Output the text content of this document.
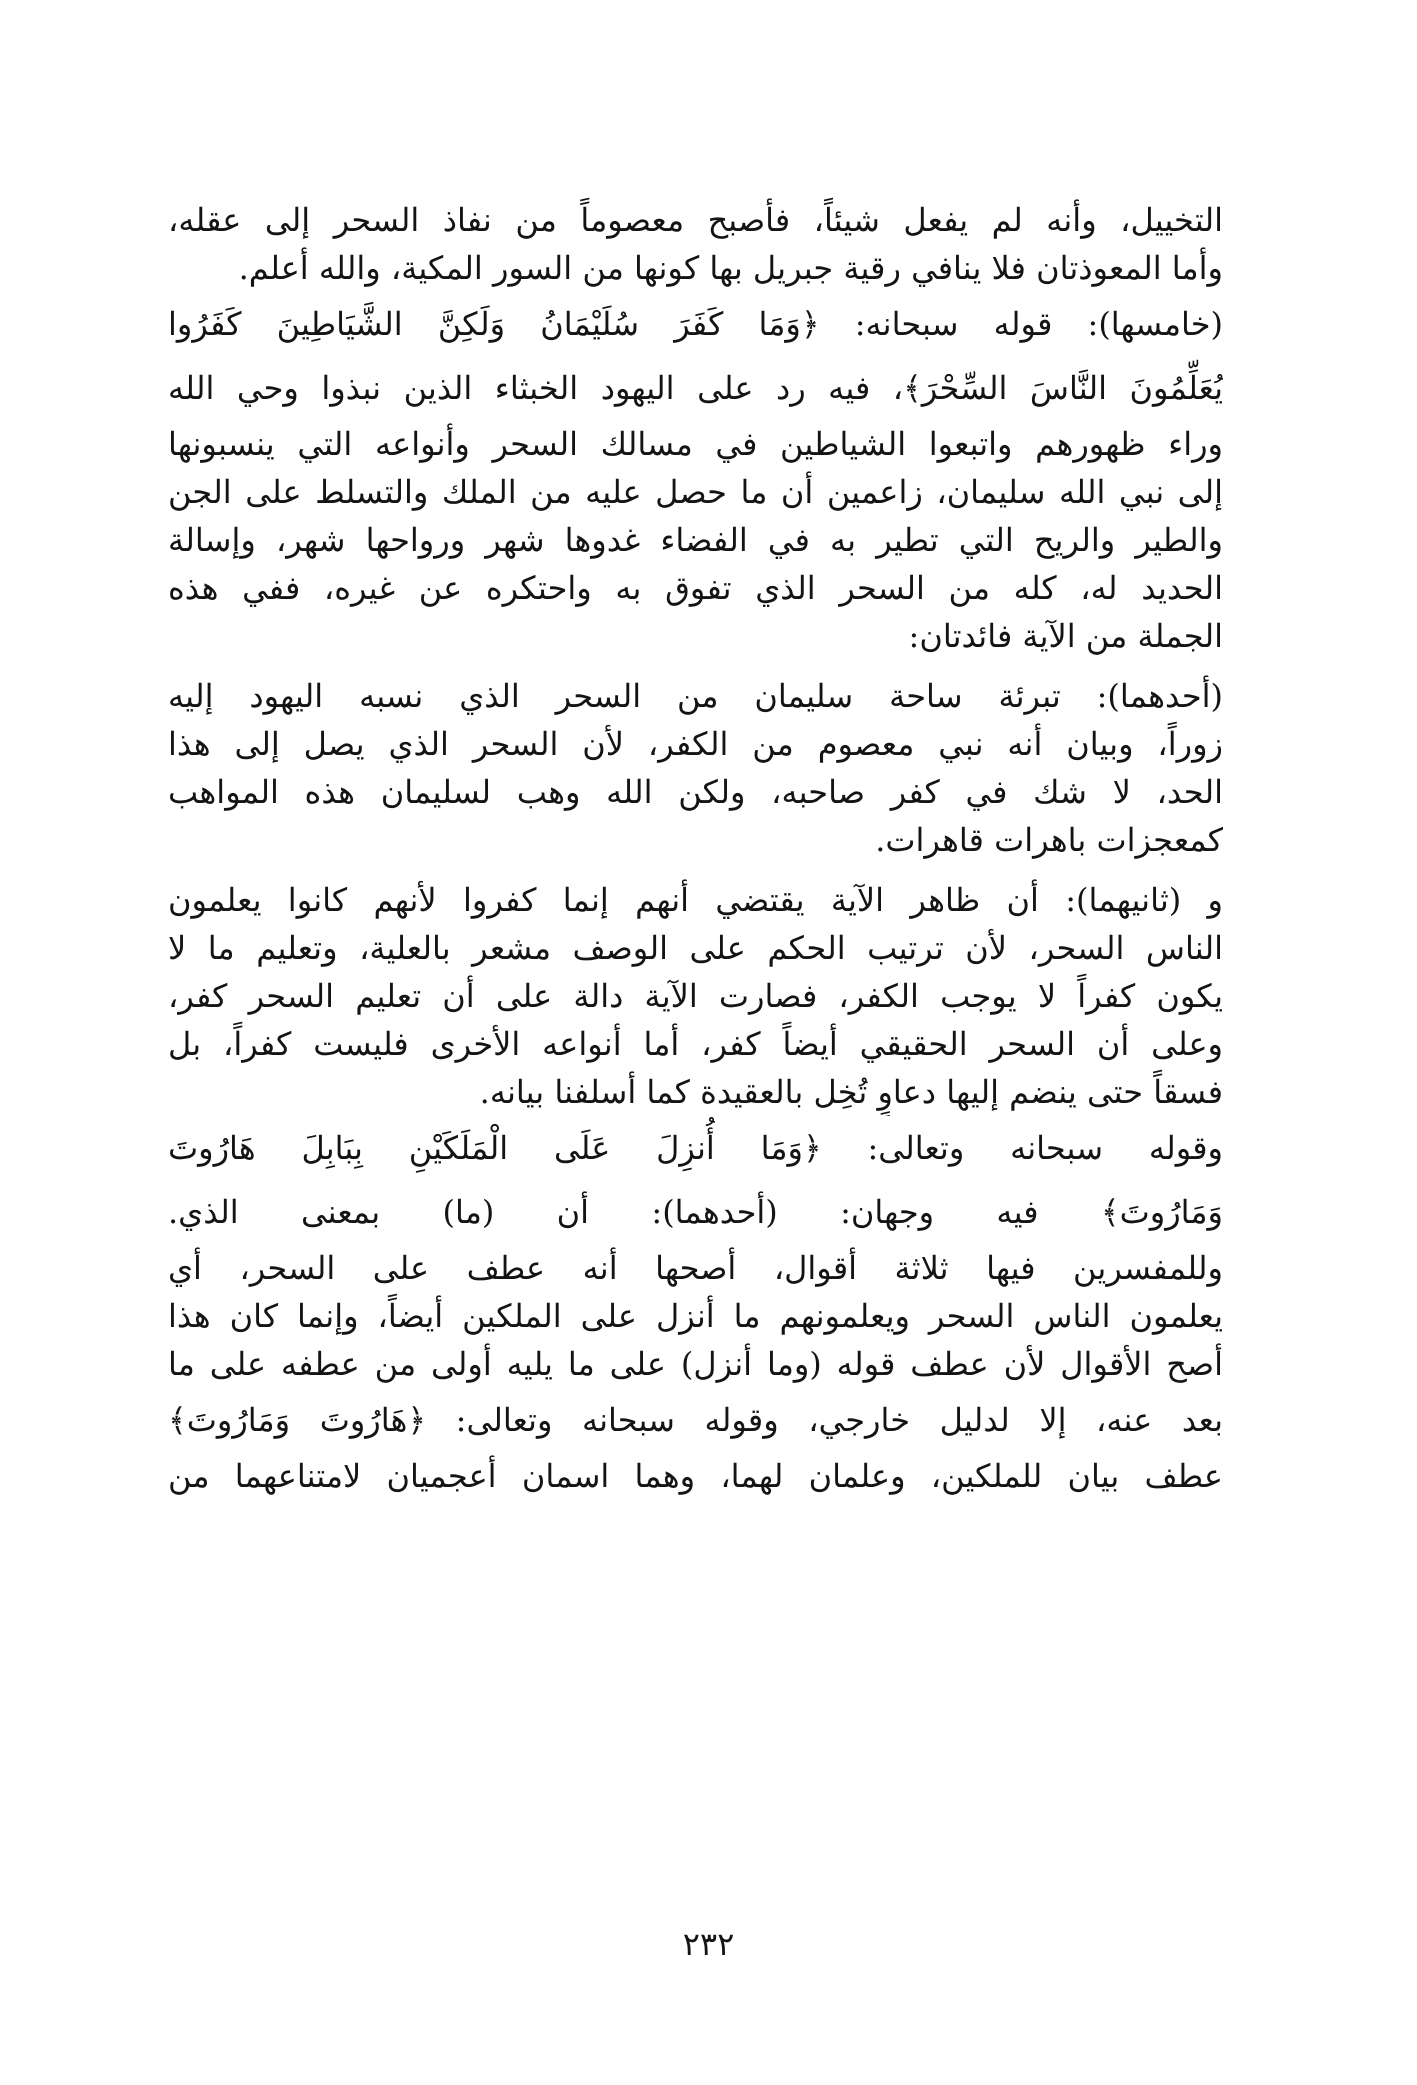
التخييل، وأنه لم يفعل شيئاً، فأصبح معصوماً من نفاذ السحر إلى عقله،
وأما المعوذتان فلا ينافي رقية جبريل بها كونها من السور المكية، والله أعلم.
(خامسها): قوله سبحانه: ﴿وَمَا كَفَرَ سُلَيْمَانُ وَلَكِنَّ الشَّيَاطِينَ كَفَرُوا
يُعَلِّمُونَ النَّاسَ السِّحْرَ﴾، فيه رد على اليهود الخبثاء الذين نبذوا وحي الله
وراء ظهورهم واتبعوا الشياطين في مسالك السحر وأنواعه التي ينسبونها
إلى نبي الله سليمان، زاعمين أن ما حصل عليه من الملك والتسلط على الجن
والطير والريح التي تطير به في الفضاء غدوها شهر ورواحها شهر، وإسالة
الحديد له، كله من السحر الذي تفوق به واحتكره عن غيره، ففي هذه
الجملة من الآية فائدتان:
(أحدهما): تبرئة ساحة سليمان من السحر الذي نسبه اليهود إليه
زوراً، وبيان أنه نبي معصوم من الكفر، لأن السحر الذي يصل إلى هذا
الحد، لا شك في كفر صاحبه، ولكن الله وهب لسليمان هذه المواهب
كمعجزات باهرات قاهرات.
و (ثانيهما): أن ظاهر الآية يقتضي أنهم إنما كفروا لأنهم كانوا يعلمون
الناس السحر، لأن ترتيب الحكم على الوصف مشعر بالعلية، وتعليم ما لا
يكون كفراً لا يوجب الكفر، فصارت الآية دالة على أن تعليم السحر كفر،
وعلى أن السحر الحقيقي أيضاً كفر، أما أنواعه الأخرى فليست كفراً، بل
فسقاً حتى ينضم إليها دعاوٍ تُخِل بالعقيدة كما أسلفنا بيانه.
وقوله سبحانه وتعالى: ﴿وَمَا أُنزِلَ عَلَى الْمَلَكَيْنِ بِبَابِلَ هَارُوتَ
وَمَارُوتَ﴾ فيه وجهان: (أحدهما): أن (ما) بمعنى الذي.
وللمفسرين فيها ثلاثة أقوال، أصحها أنه عطف على السحر، أي
يعلمون الناس السحر ويعلمونهم ما أنزل على الملكين أيضاً، وإنما كان هذا
أصح الأقوال لأن عطف قوله (وما أنزل) على ما يليه أولى من عطفه على ما
بعد عنه، إلا لدليل خارجي، وقوله سبحانه وتعالى: ﴿هَارُوتَ وَمَارُوتَ﴾
عطف بيان للملكين، وعلمان لهما، وهما اسمان أعجميان لامتناعهما من
٢٣٢
